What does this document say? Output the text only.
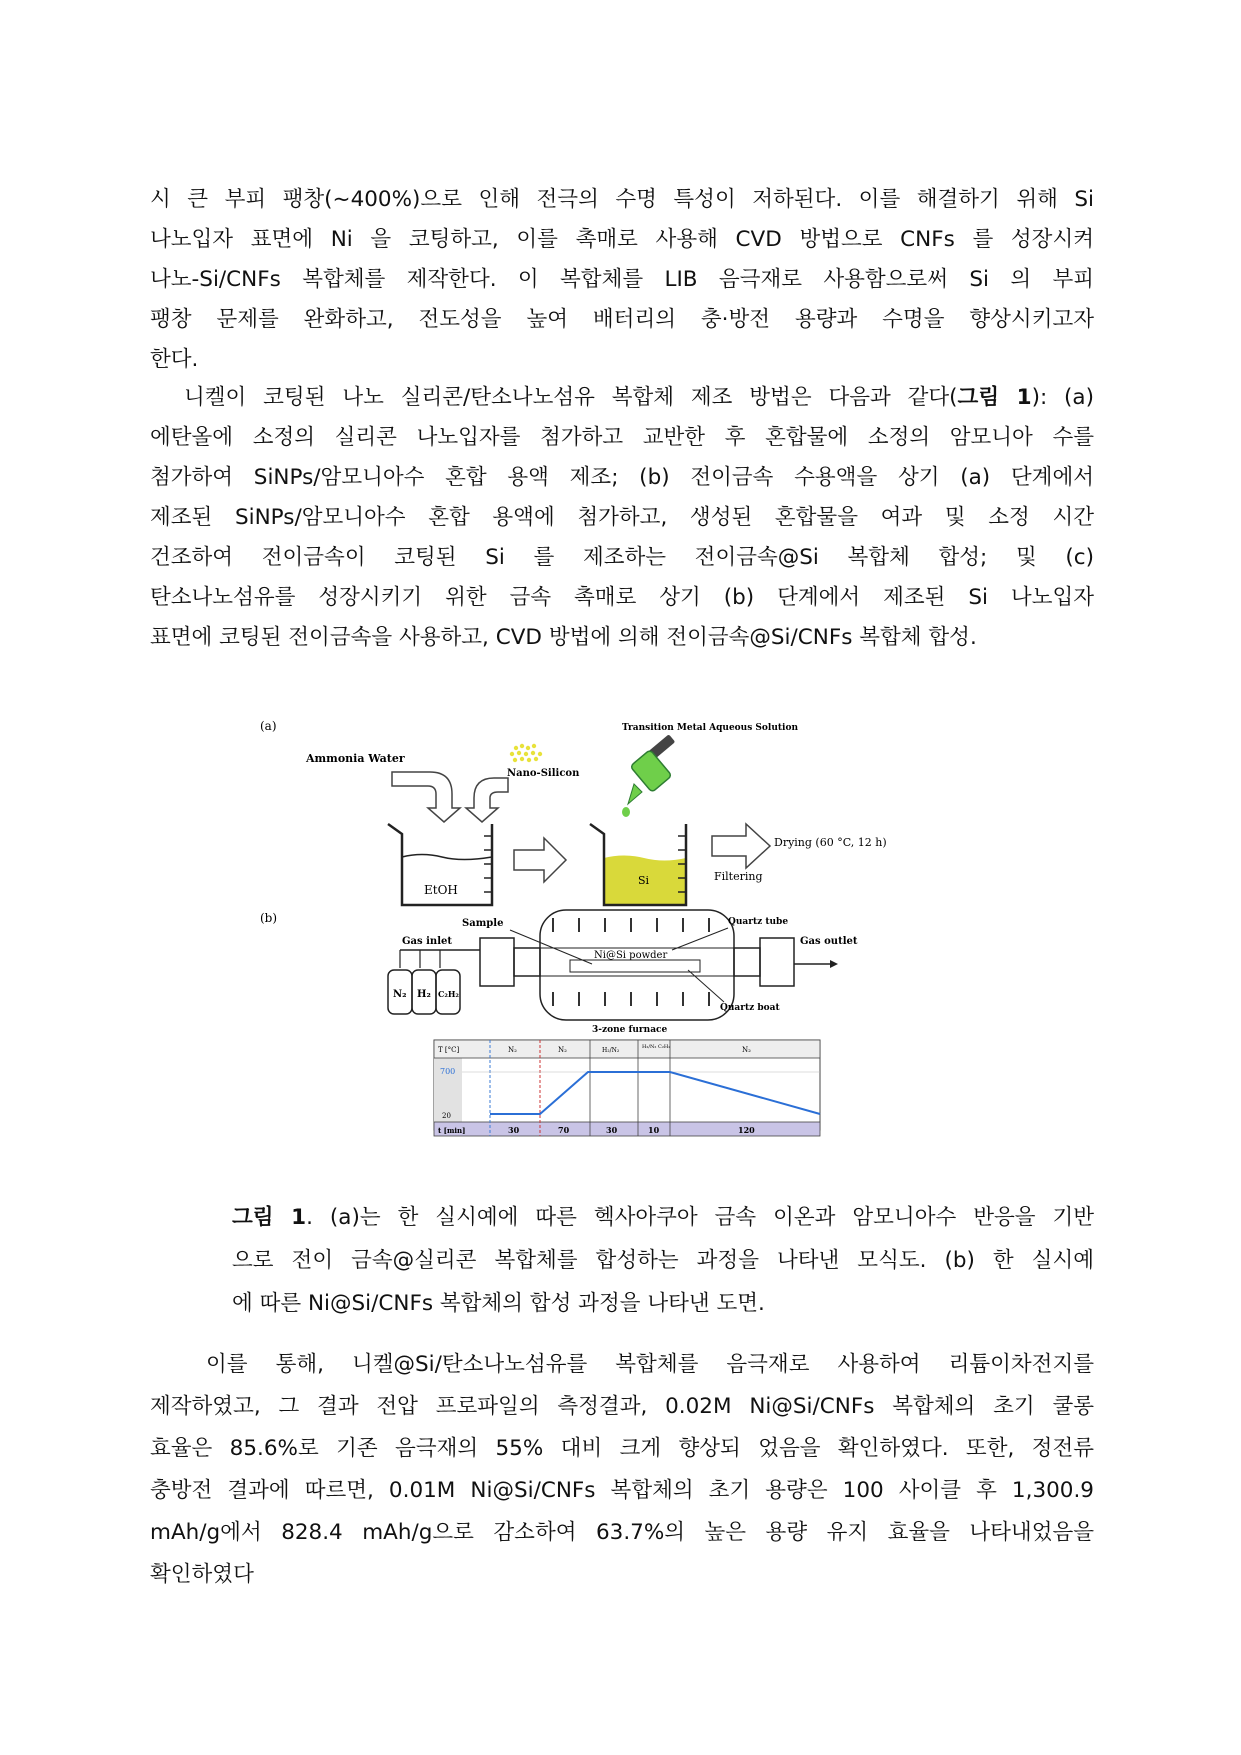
시 큰 부피 팽창(~400%)으로 인해 전극의 수명 특성이 저하된다. 이를 해결하기 위해 Si
나노입자 표면에 Ni 을 코팅하고, 이를 촉매로 사용해 CVD 방법으로 CNFs 를 성장시켜
나노-Si/CNFs 복합체를 제작한다. 이 복합체를 LIB 음극재로 사용함으로써 Si 의 부피
팽창 문제를 완화하고, 전도성을 높여 배터리의 충·방전 용량과 수명을 향상시키고자
한다.
니켈이 코팅된 나노 실리콘/탄소나노섬유 복합체 제조 방법은 다음과 같다(그림 1): (a)
에탄올에 소정의 실리콘 나노입자를 첨가하고 교반한 후 혼합물에 소정의 암모니아 수를
첨가하여 SiNPs/암모니아수 혼합 용액 제조; (b) 전이금속 수용액을 상기 (a) 단계에서
제조된 SiNPs/암모니아수 혼합 용액에 첨가하고, 생성된 혼합물을 여과 및 소정 시간
건조하여 전이금속이 코팅된 Si 를 제조하는 전이금속@Si 복합체 합성; 및 (c)
탄소나노섬유를 성장시키기 위한 금속 촉매로 상기 (b) 단계에서 제조된 Si 나노입자
표면에 코팅된 전이금속을 사용하고, CVD 방법에 의해 전이금속@Si/CNFs 복합체 합성.
(a)
Ammonia Water
Transition Metal Aqueous Solution
Nano-Silicon
EtOH
Si
Drying (60 °C, 12 h)
Filtering
(b)	Sample	Quartz tube
Gas inlet	Gas outlet
Ni@Si powder
Quartz boat
3-zone furnace
N₂ H₂ C₂H₂
T [°C]
700
20
t [min]
N₂	N₂	H₂/N₂	H₂/N₂ C₂H₂	N₂
30	70	30	10	120
그림 1. (a)는 한 실시예에 따른 헥사아쿠아 금속 이온과 암모니아수 반응을 기반
으로 전이 금속@실리콘 복합체를 합성하는 과정을 나타낸 모식도. (b) 한 실시예
에 따른 Ni@Si/CNFs 복합체의 합성 과정을 나타낸 도면.
이를 통해, 니켈@Si/탄소나노섬유를 복합체를 음극재로 사용하여 리튬이차전지를
제작하였고, 그 결과 전압 프로파일의 측정결과, 0.02M Ni@Si/CNFs 복합체의 초기 쿨롱
효율은 85.6%로 기존 음극재의 55% 대비 크게 향상되 었음을 확인하였다. 또한, 정전류
충방전 결과에 따르면, 0.01M Ni@Si/CNFs 복합체의 초기 용량은 100 사이클 후 1,300.9
mAh/g에서 828.4 mAh/g으로 감소하여 63.7%의 높은 용량 유지 효율을 나타내었음을
확인하였다
